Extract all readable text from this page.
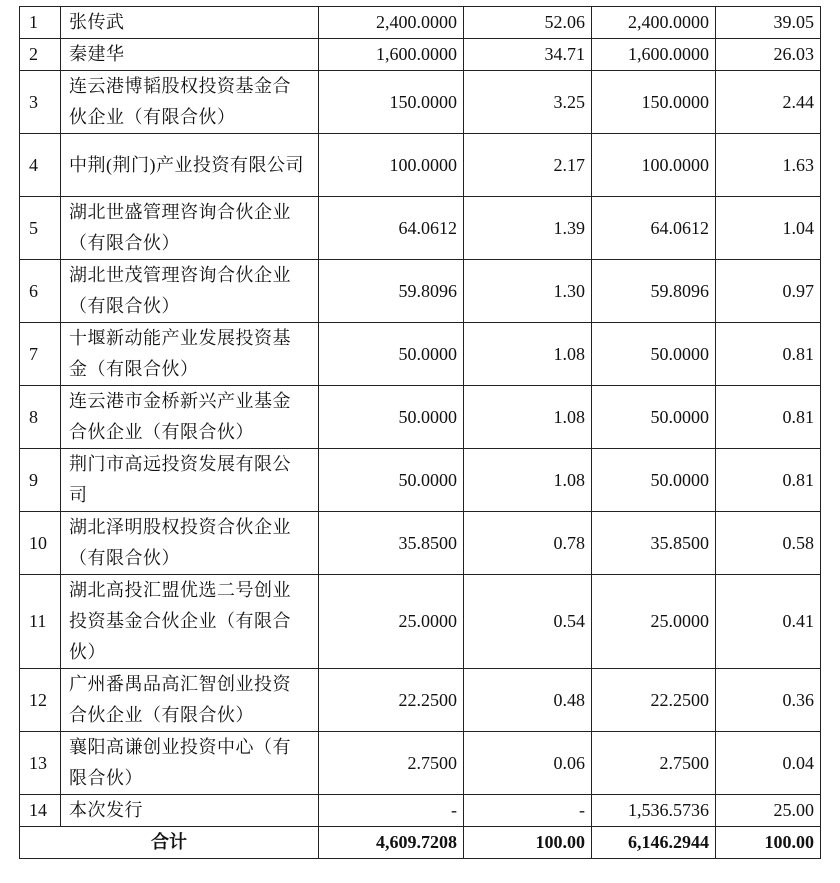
1	张传武	2,400.0000	52.06	2,400.0000	39.05
2	秦建华	1,600.0000	34.71	1,600.0000	26.03
3	连云港博韬股权投资基金合伙企业（有限合伙）	150.0000	3.25	150.0000	2.44
4	中荆(荆门)产业投资有限公司	100.0000	2.17	100.0000	1.63
5	湖北世盛管理咨询合伙企业（有限合伙）	64.0612	1.39	64.0612	1.04
6	湖北世茂管理咨询合伙企业（有限合伙）	59.8096	1.30	59.8096	0.97
7	十堰新动能产业发展投资基金（有限合伙）	50.0000	1.08	50.0000	0.81
8	连云港市金桥新兴产业基金合伙企业（有限合伙）	50.0000	1.08	50.0000	0.81
9	荆门市高远投资发展有限公司	50.0000	1.08	50.0000	0.81
10	湖北泽明股权投资合伙企业（有限合伙）	35.8500	0.78	35.8500	0.58
11	湖北高投汇盟优选二号创业投资基金合伙企业（有限合伙）	25.0000	0.54	25.0000	0.41
12	广州番禺品高汇智创业投资合伙企业（有限合伙）	22.2500	0.48	22.2500	0.36
13	襄阳高谦创业投资中心（有限合伙）	2.7500	0.06	2.7500	0.04
14	本次发行	-	-	1,536.5736	25.00
合计		4,609.7208	100.00	6,146.2944	100.00
